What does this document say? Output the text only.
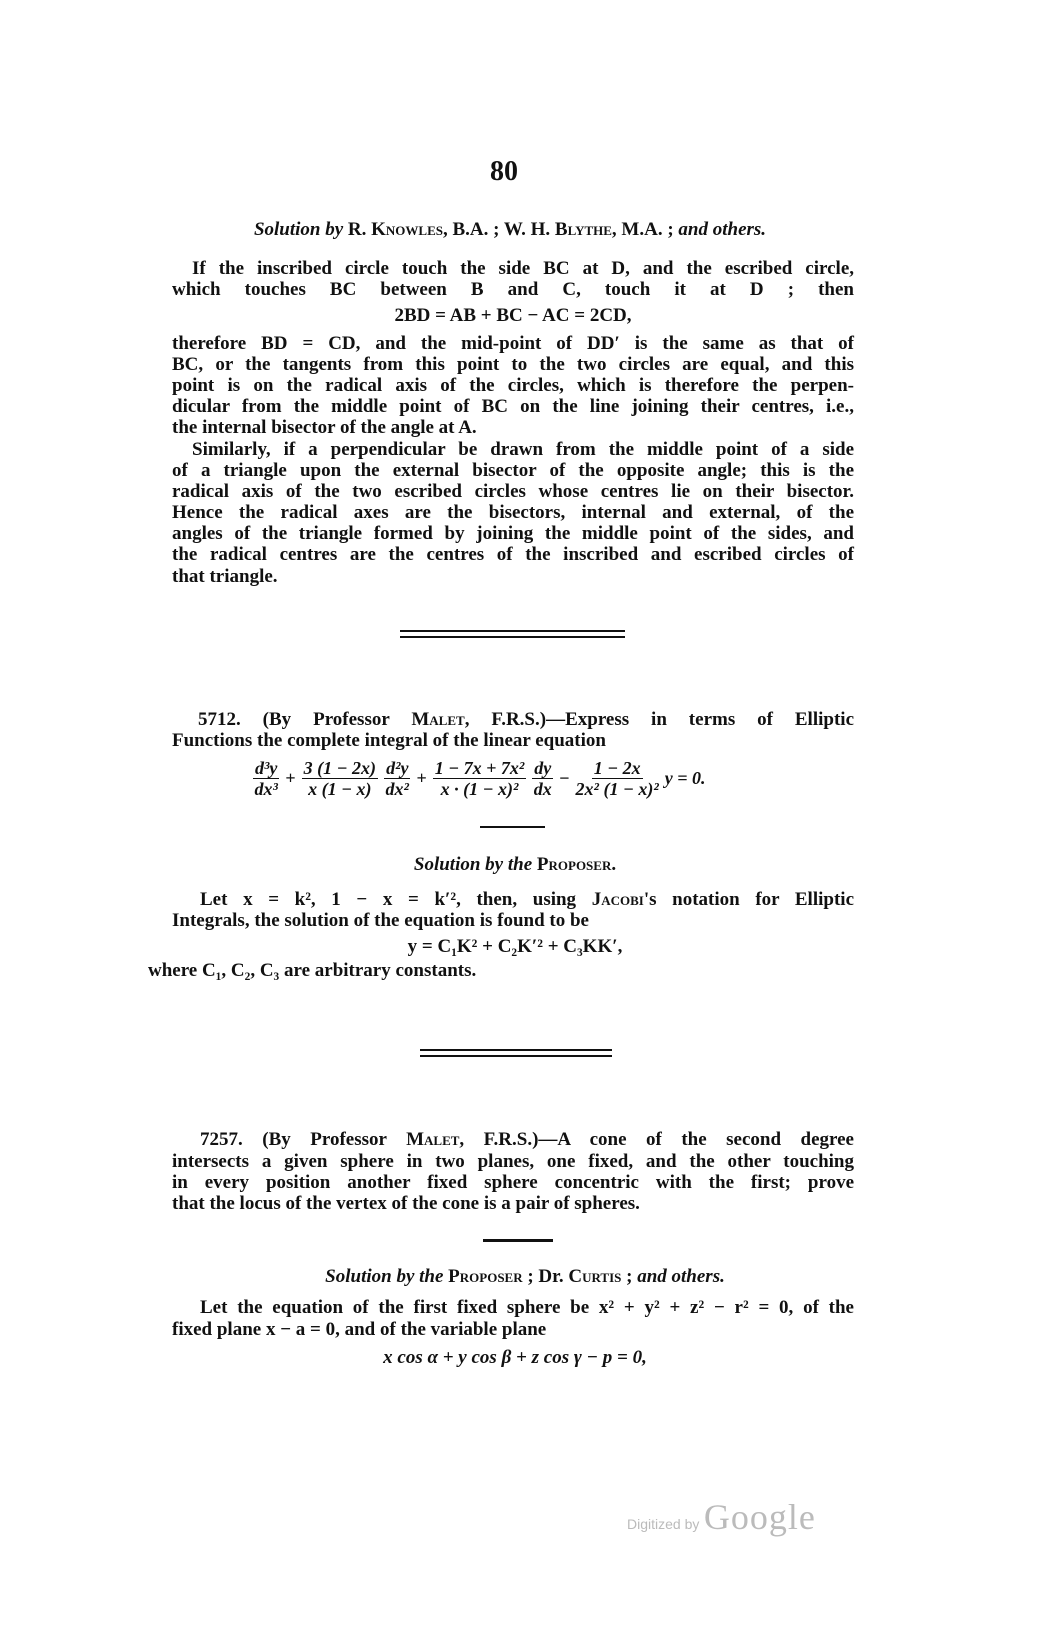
80
Solution by R. Knowles, B.A. ; W. H. Blythe, M.A. ; and others.
If the inscribed circle touch the side BC at D, and the escribed circle,
which touches BC between B and C, touch it at D ; then
2BD = AB + BC − AC = 2CD,
therefore BD = CD, and the mid-point of DD′ is the same as that of
BC, or the tangents from this point to the two circles are equal, and this
point is on the radical axis of the circles, which is therefore the perpen-
dicular from the middle point of BC on the line joining their centres, i.e.,
the internal bisector of the angle at A.
Similarly, if a perpendicular be drawn from the middle point of a side
of a triangle upon the external bisector of the opposite angle; this is the
radical axis of the two escribed circles whose centres lie on their bisector.
Hence the radical axes are the bisectors, internal and external, of the
angles of the triangle formed by joining the middle point of the sides, and
the radical centres are the centres of the inscribed and escribed circles of
that triangle.
5712. (By Professor Malet, F.R.S.)—Express in terms of Elliptic
Functions the complete integral of the linear equation
Solution by the Proposer.
Let x = k², 1 − x = k′², then, using Jacobi's notation for Elliptic
Integrals, the solution of the equation is found to be
y = C₁K² + C₂K′² + C₃KK′,
where C₁, C₂, C₃ are arbitrary constants.
$\frac{\text{d³y}}{\text{dx³}} + \frac{3 (1 - 2x)}{x (1 - x)} \frac{\text{d²y}}{\text{dx²}} + \frac{\text{1 − 7x + 7x²}}{\text{x · (1 − x)²}} \frac{dy}{dx} - \frac{1 - 2x}{\text{2x² (1 − x)²}}$ y = 0.
7257. (By Professor Malet, F.R.S.)—A cone of the second degree
intersects a given sphere in two planes, one fixed, and the other touching
in every position another fixed sphere concentric with the first; prove
that the locus of the vertex of the cone is a pair of spheres.
Solution by the Proposer ; Dr. Curtis ; and others.
Let the equation of the first fixed sphere be x² + y² + z² − r² = 0, of the
fixed plane x − a = 0, and of the variable plane
x cos α + y cos β + z cos γ − p = 0,
Digitized by Google
